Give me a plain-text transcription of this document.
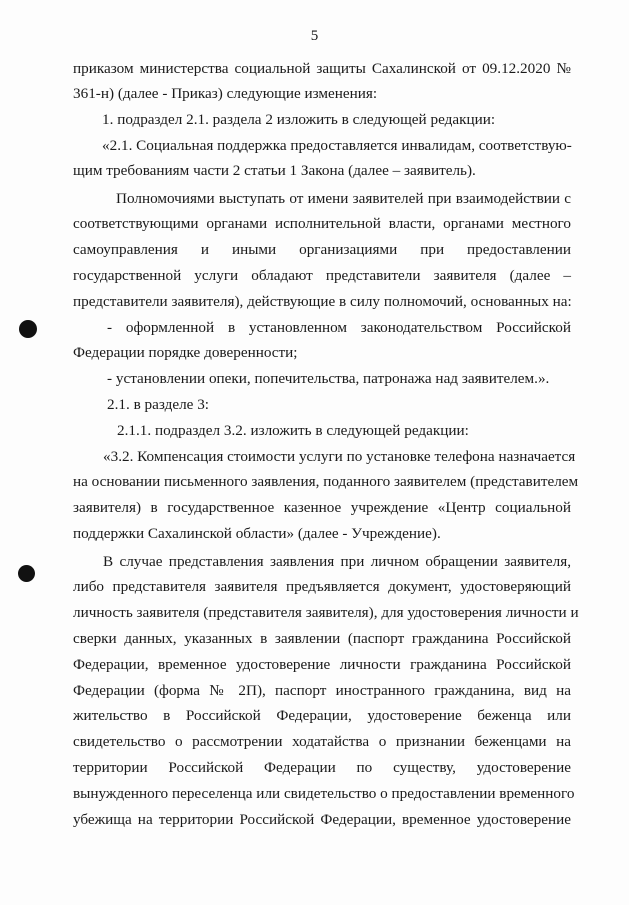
5
приказом министерства социальной защиты Сахалинской от 09.12.2020 №
361-н) (далее - Приказ) следующие изменения:
1. подраздел 2.1. раздела 2 изложить в следующей редакции:
«2.1. Социальная поддержка предоставляется инвалидам, соответствую-
щим требованиям части 2 статьи 1 Закона (далее – заявитель).
Полномочиями выступать от имени заявителей при взаимодействии с
соответствующими органами исполнительной власти, органами местного
самоуправления и иными организациями при предоставлении
государственной услуги обладают представители заявителя (далее –
представители заявителя), действующие в силу полномочий, основанных на:
- оформленной в установленном законодательством Российской
Федерации порядке доверенности;
- установлении опеки, попечительства, патронажа над заявителем.».
2.1. в разделе 3:
2.1.1. подраздел 3.2. изложить в следующей редакции:
«3.2. Компенсация стоимости услуги по установке телефона назначается
на основании письменного заявления, поданного заявителем (представителем
заявителя) в государственное казенное учреждение «Центр социальной
поддержки Сахалинской области» (далее - Учреждение).
В случае представления заявления при личном обращении заявителя,
либо представителя заявителя предъявляется документ, удостоверяющий
личность заявителя (представителя заявителя), для удостоверения личности и
сверки данных, указанных в заявлении (паспорт гражданина Российской
Федерации, временное удостоверение личности гражданина Российской
Федерации (форма № 2П), паспорт иностранного гражданина, вид на
жительство в Российской Федерации, удостоверение беженца или
свидетельство о рассмотрении ходатайства о признании беженцами на
территории Российской Федерации по существу, удостоверение
вынужденного переселенца или свидетельство о предоставлении временного
убежища на территории Российской Федерации, временное удостоверение
